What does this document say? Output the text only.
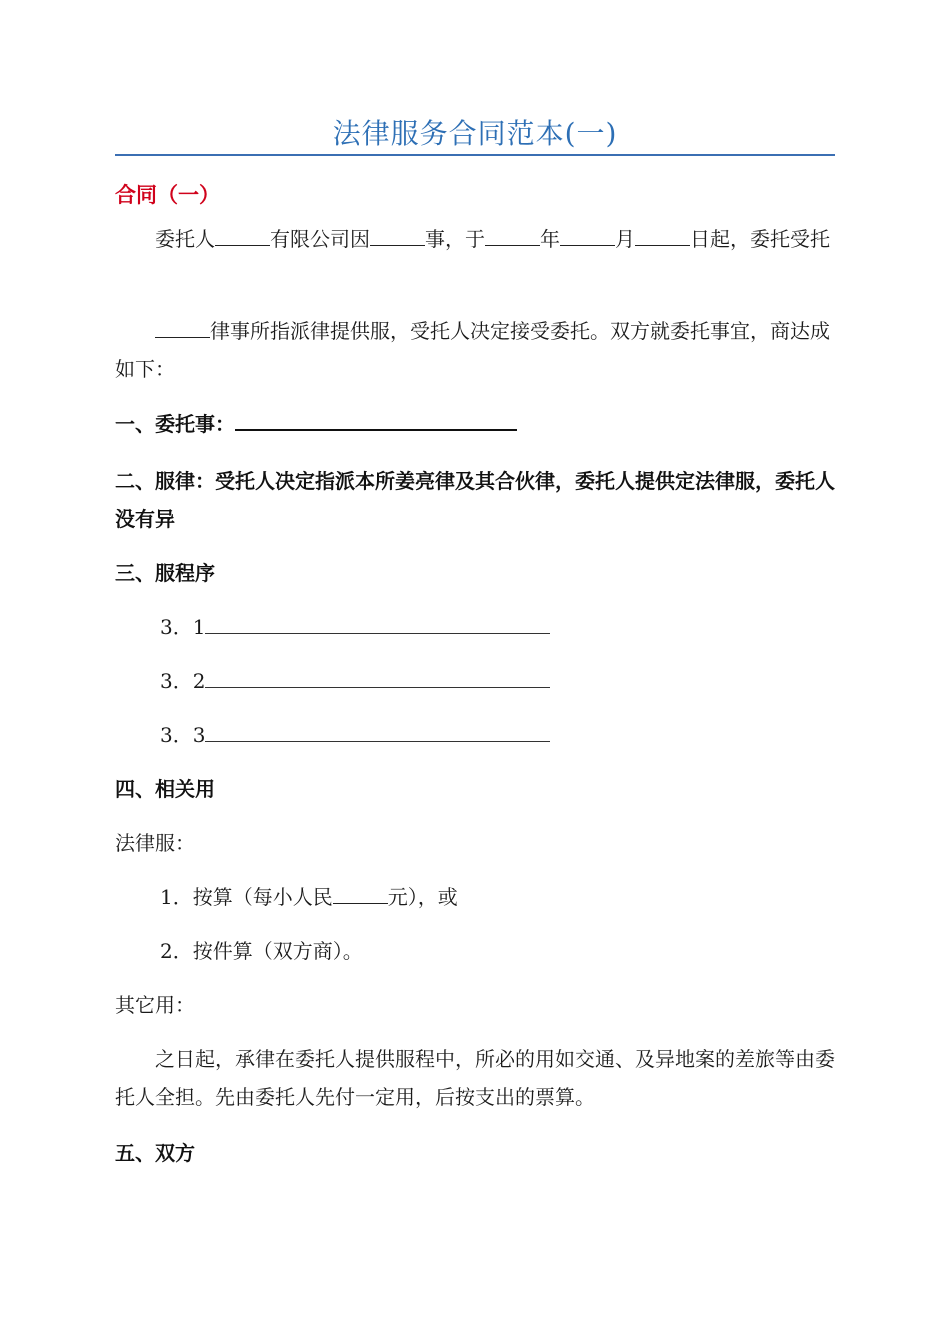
法律服务合同范本(一)
合同（一）
委托人	有限公司因	事，于	年	月	日起，委托受托
律事所指派律提供服，受托人决定接受委托。双方就委托事宜，商达成如下：
一、委托事：
二、服律：受托人决定指派本所姜亮律及其合伙律，委托人提供定法律服，委托人没有异
三、服程序
3．1
3．2
3．3
四、相关用
法律服：
1．按算（每小人民	元），或
2．按件算（双方商）。
其它用：
之日起，承律在委托人提供服程中，所必的用如交通、及异地案的差旅等由委托人全担。先由委托人先付一定用，后按支出的票算。
五、双方
